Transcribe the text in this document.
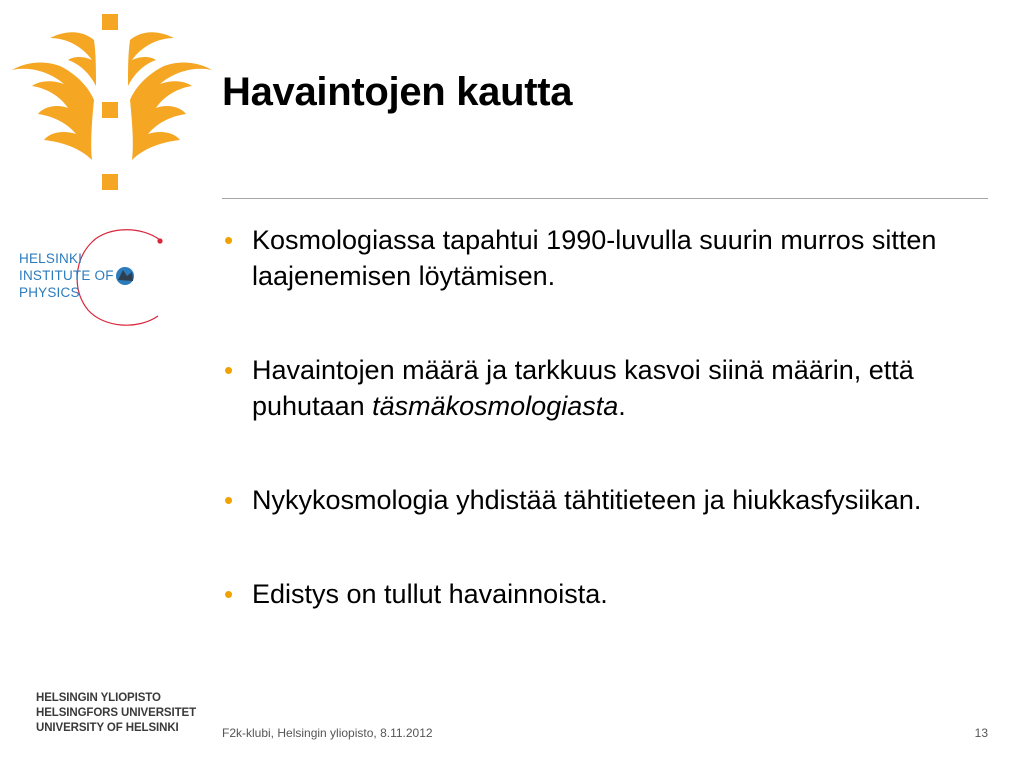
HELSINKI
INSTITUTE OF
PHYSICS
Havaintojen kautta
• Kosmologiassa tapahtui 1990-luvulla suurin murros sitten laajenemisen löytämisen.
• Havaintojen määrä ja tarkkuus kasvoi siinä määrin, että puhutaan täsmäkosmologiasta.
• Nykykosmologia yhdistää tähtitieteen ja hiukkasfysiikan.
• Edistys on tullut havainnoista.
HELSINGIN YLIOPISTO
HELSINGFORS UNIVERSITET
UNIVERSITY OF HELSINKI	F2k-klubi, Helsingin yliopisto, 8.11.2012	13
